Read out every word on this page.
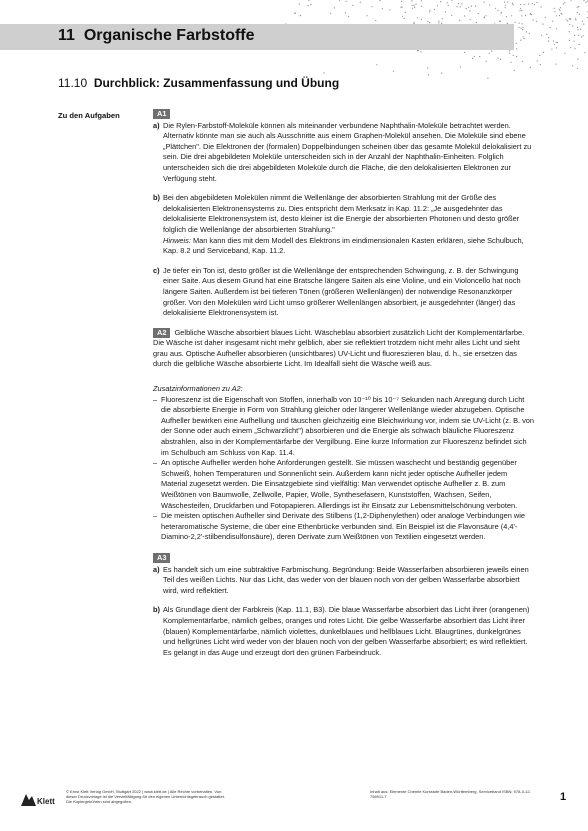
11 Organische Farbstoffe
11.10 Durchblick: Zusammenfassung und Übung
Zu den Aufgaben	A1
a) Die Rylen-Farbstoff-Moleküle können als miteinander verbundene Naphthalin-Moleküle betrachtet werden. Alternativ könnte man sie auch als Ausschnitte aus einem Graphen-Molekül ansehen. Die Moleküle sind ebene „Plättchen". Die Elektronen der (formalen) Doppelbindungen scheinen über das gesamte Molekül delokalisiert zu sein. Die drei abgebildeten Moleküle unterscheiden sich in der Anzahl der Naphthalin-Einheiten. Folglich unterscheiden sich die drei abgebildeten Moleküle durch die Fläche, die den delokalisierten Elektronen zur Verfügung steht.
b) Bei den abgebildeten Molekülen nimmt die Wellenlänge der absorbierten Strahlung mit der Größe des delokalisierten Elektronensystems zu. Dies entspricht dem Merksatz in Kap. 11.2: „Je ausgedehnter das delokalisierte Elektronensystem ist, desto kleiner ist die Energie der absorbierten Photonen und desto größer folglich die Wellenlänge der absorbierten Strahlung."
Hinweis: Man kann dies mit dem Modell des Elektrons im eindimensionalen Kasten erklären, siehe Schulbuch, Kap. 8.2 und Serviceband, Kap. 11.2.
c) Je tiefer ein Ton ist, desto größer ist die Wellenlänge der entsprechenden Schwingung, z. B. der Schwingung einer Saite. Aus diesem Grund hat eine Bratsche längere Saiten als eine Violine, und ein Violoncello hat noch längere Saiten. Außerdem ist bei tieferen Tönen (größeren Wellenlängen) der notwendige Resonanzkörper größer. Von den Molekülen wird Licht umso größerer Wellenlängen absorbiert, je ausgedehnter (länger) das delokalisierte Elektronensystem ist.

A2 Gelbliche Wäsche absorbiert blaues Licht. Wäscheblau absorbiert zusätzlich Licht der Komplementärfarbe. Die Wäsche ist daher insgesamt nicht mehr gelblich, aber sie reflektiert trotzdem nicht mehr alles Licht und sieht grau aus. Optische Aufheller absorbieren (unsichtbares) UV-Licht und fluoreszieren blau, d. h., sie ersetzen das durch die gelbliche Wäsche absorbierte Licht. Im Idealfall sieht die Wäsche weiß aus.

Zusatzinformationen zu A2:

– Fluoreszenz ist die Eigenschaft von Stoffen, innerhalb von 10⁻¹⁰ bis 10⁻⁷ Sekunden nach Anregung durch Licht die absorbierte Energie in Form von Strahlung gleicher oder längerer Wellenlänge wieder abzugeben. Optische Aufheller bewirken eine Aufhellung und täuschen gleichzeitig eine Bleichwirkung vor, indem sie UV-Licht (z. B. von der Sonne oder auch einem „Schwarzlicht") absorbieren und die Energie als schwach bläuliche Fluoreszenz abstrahlen, also in der Komplementärfarbe der Vergilbung. Eine kurze Information zur Fluoreszenz befindet sich im Schulbuch am Schluss von Kap. 11.4.
– An optische Aufheller werden hohe Anforderungen gestellt. Sie müssen waschecht und beständig gegenüber Schweiß, hohen Temperaturen und Sonnenlicht sein. Außerdem kann nicht jeder optische Aufheller jedem Material zugesetzt werden. Die Einsatzgebiete sind vielfältig: Man verwendet optische Aufheller z. B. zum Weißtönen von Baumwolle, Zellwolle, Papier, Wolle, Synthesefasern, Kunststoffen, Wachsen, Seifen, Wäschesteifen, Druckfarben und Fotopapieren. Allerdings ist ihr Einsatz zur Lebensmittelschönung verboten.
– Die meisten optischen Aufheller sind Derivate des Stilbens (1,2-Diphenylethen) oder analoge Verbindungen wie heteraromatische Systeme, die über eine Ethenbrücke verbunden sind. Ein Beispiel ist die Flavonsäure (4,4'-Diamino-2,2'-stilbendisulfonsäure), deren Derivate zum Weißtönen von Textilien eingesetzt werden.
A3
a) Es handelt sich um eine subtraktive Farbmischung. Begründung: Beide Wasserfarben absorbieren jeweils einen Teil des weißen Lichts. Nur das Licht, das weder von der blauen noch von der gelben Wasserfarbe absorbiert wird, wird reflektiert.
b) Als Grundlage dient der Farbkreis (Kap. 11.1, B3). Die blaue Wasserfarbe absorbiert das Licht ihrer (orangenen) Komplementärfarbe, nämlich gelbes, oranges und rotes Licht. Die gelbe Wasserfarbe absorbiert das Licht ihrer (blauen) Komplementärfarbe, nämlich violettes, dunkelblaues und hellblaues Licht. Blaugrünes, dunkelgrünes und hellgrünes Licht wird weder von der blauen noch von der gelben Wasserfarbe absorbiert; es wird reflektiert. Es gelangt in das Auge und erzeugt dort den grünen Farbeindruck.
Klett
© Ernst Klett Verlag GmbH, Stuttgart 2022 | www.klett.de | Alle Rechte vorbehalten. Von dieser Druckvorlage ist die Vervielfältigung für den eigenen Unterrichtsgebrauch gestattet. Die Kopiergebühren sind abgegolten.
Inhalt aus: Elemente Chemie Kursstufe Baden-Württemberg, Serviceband ISBN: 978-3-12-756911-7	1
